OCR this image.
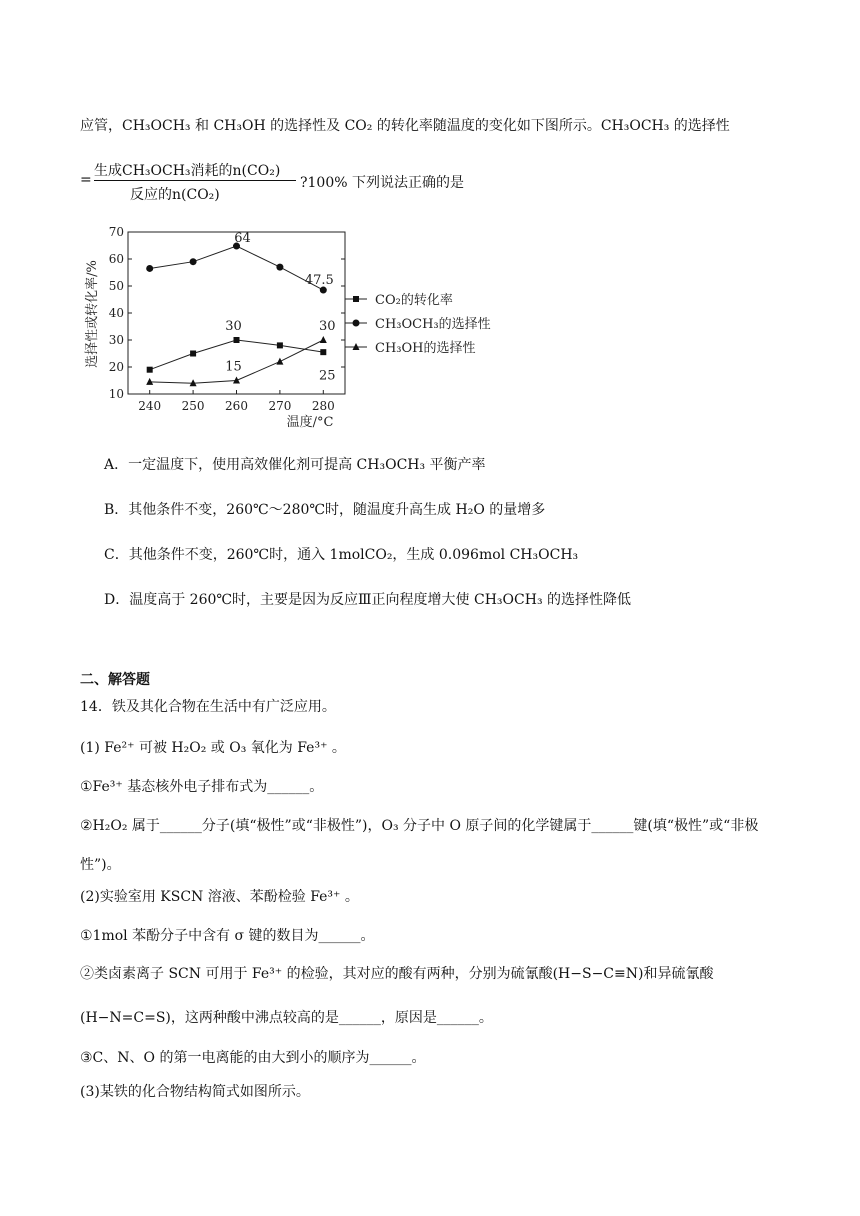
应管，CH₃OCH₃ 和 CH₃OH 的选择性及 CO₂ 的转化率随温度的变化如下图所示。CH₃OCH₃ 的选择性
=
生成CH₃OCH₃消耗的n(CO₂)
反应的n(CO₂)
?100% 下列说法正确的是
选择性或转化率/%
温度/°C
10
20
30
40
50
60
70
240 250 260 270 280
64
47.5
30	30
15
25
CO₂的转化率
CH₃OCH₃的选择性
CH₃OH的选择性
A．一定温度下，使用高效催化剂可提高 CH₃OCH₃ 平衡产率
B．其他条件不变，260℃～280℃时，随温度升高生成 H₂O 的量增多
C．其他条件不变，260℃时，通入 1molCO₂，生成 0.096mol CH₃OCH₃
D．温度高于 260℃时，主要是因为反应Ⅲ正向程度增大使 CH₃OCH₃ 的选择性降低
二、解答题
14．铁及其化合物在生活中有广泛应用。
(1) Fe²⁺ 可被 H₂O₂ 或 O₃ 氧化为 Fe³⁺ 。
①Fe³⁺ 基态核外电子排布式为______。
②H₂O₂ 属于______分子(填“极性”或“非极性”)，O₃ 分子中 O 原子间的化学键属于______键(填“极性”或“非极
性”)。
(2)实验室用 KSCN 溶液、苯酚检验 Fe³⁺ 。
①1mol 苯酚分子中含有 σ 键的数目为______。
②类卤素离子 SCN 可用于 Fe³⁺ 的检验，其对应的酸有两种，分别为硫氰酸(H−S−C≡N)和异硫氰酸
(H−N=C=S)，这两种酸中沸点较高的是______，原因是______。
③C、N、O 的第一电离能的由大到小的顺序为______。
(3)某铁的化合物结构简式如图所示。
